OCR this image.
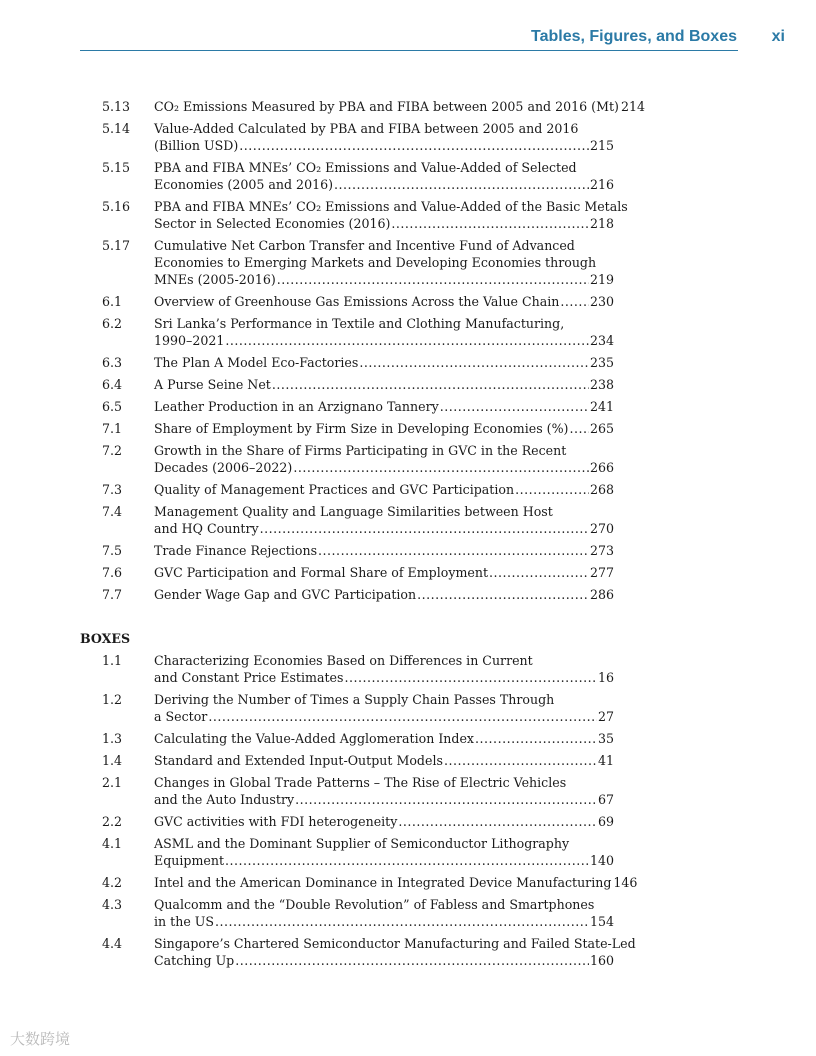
Tables, Figures, and Boxes xi
5.13	CO₂ Emissions Measured by PBA and FIBA between 2005 and 2016 (Mt) 214
5.14	Value-Added Calculated by PBA and FIBA between 2005 and 2016
(Billion USD) .....	215
5.15	PBA and FIBA MNEs’ CO₂ Emissions and Value-Added of Selected
Economies (2005 and 2016) .....	216
5.16	PBA and FIBA MNEs’ CO₂ Emissions and Value-Added of the Basic Metals
Sector in Selected Economies (2016) .....	218
5.17	Cumulative Net Carbon Transfer and Incentive Fund of Advanced
Economies to Emerging Markets and Developing Economies through
MNEs (2005-2016) .....	219
6.1	Overview of Greenhouse Gas Emissions Across the Value Chain ..... 230
6.2	Sri Lanka’s Performance in Textile and Clothing Manufacturing,
1990–2021 .....	234
6.3	The Plan A Model Eco-Factories .....	235
6.4	A Purse Seine Net .....	238
6.5	Leather Production in an Arzignano Tannery .....	241
7.1	Share of Employment by Firm Size in Developing Economies (%) ..... 265
7.2	Growth in the Share of Firms Participating in GVC in the Recent
Decades (2006–2022) .....	266
7.3	Quality of Management Practices and GVC Participation .....	268
7.4	Management Quality and Language Similarities between Host
and HQ Country .....	270
7.5	Trade Finance Rejections .....	273
7.6	GVC Participation and Formal Share of Employment .....	277
7.7	Gender Wage Gap and GVC Participation .....	286
BOXES
1.1	Characterizing Economies Based on Differences in Current
and Constant Price Estimates .....	16
1.2	Deriving the Number of Times a Supply Chain Passes Through
a Sector .....	27
1.3	Calculating the Value-Added Agglomeration Index .....	35
1.4	Standard and Extended Input-Output Models .....	41
2.1	Changes in Global Trade Patterns – The Rise of Electric Vehicles
and the Auto Industry .....	67
2.2	GVC activities with FDI heterogeneity .....	69
4.1	ASML and the Dominant Supplier of Semiconductor Lithography
Equipment .....	140
4.2	Intel and the American Dominance in Integrated Device Manufacturing 146
4.3	Qualcomm and the “Double Revolution” of Fabless and Smartphones
in the US .....	154
4.4	Singapore’s Chartered Semiconductor Manufacturing and Failed State-Led
Catching Up .....	160
大数跨境
